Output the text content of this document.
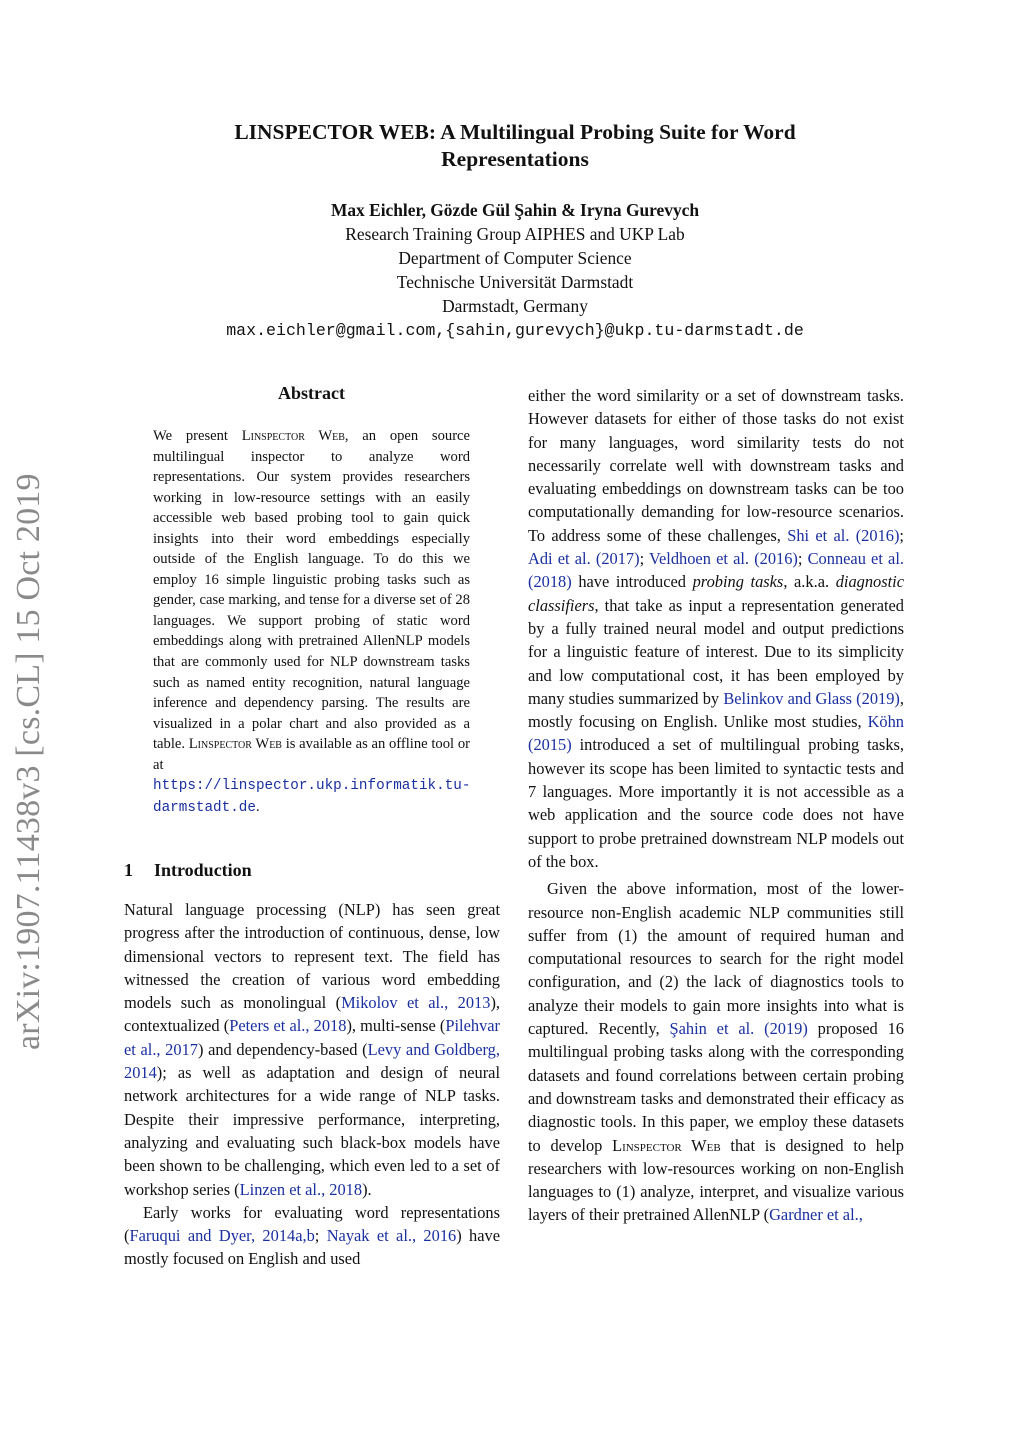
arXiv:1907.11438v3 [cs.CL] 15 Oct 2019
LINSPECTOR WEB: A Multilingual Probing Suite for Word
Representations
Max Eichler, Gözde Gül Şahin & Iryna Gurevych
Research Training Group AIPHES and UKP Lab
Department of Computer Science
Technische Universität Darmstadt
Darmstadt, Germany
max.eichler@gmail.com,{sahin,gurevych}@ukp.tu-darmstadt.de
Abstract
We present Linspector Web, an open source multilingual inspector to analyze word representations. Our system provides researchers working in low-resource settings with an easily accessible web based probing tool to gain quick insights into their word embeddings especially outside of the English language. To do this we employ 16 simple linguistic probing tasks such as gender, case marking, and tense for a diverse set of 28 languages. We support probing of static word embeddings along with pretrained AllenNLP models that are commonly used for NLP downstream tasks such as named entity recognition, natural language inference and dependency parsing. The results are visualized in a polar chart and also provided as a table. Linspector Web is available as an offline tool or at https://linspector.ukp.informatik.tu-darmstadt.de.
1 Introduction

Natural language processing (NLP) has seen great progress after the introduction of continuous, dense, low dimensional vectors to represent text. The field has witnessed the creation of various word embedding models such as monolingual (Mikolov et al., 2013), contextualized (Peters et al., 2018), multi-sense (Pilehvar et al., 2017) and dependency-based (Levy and Goldberg, 2014); as well as adaptation and design of neural network architectures for a wide range of NLP tasks. Despite their impressive performance, interpreting, analyzing and evaluating such black-box models have been shown to be challenging, which even led to a set of workshop series (Linzen et al., 2018).

Early works for evaluating word representations (Faruqui and Dyer, 2014a,b; Nayak et al., 2016) have mostly focused on English and used

either the word similarity or a set of downstream tasks. However datasets for either of those tasks do not exist for many languages, word similarity tests do not necessarily correlate well with downstream tasks and evaluating embeddings on downstream tasks can be too computationally demanding for low-resource scenarios. To address some of these challenges, Shi et al. (2016); Adi et al. (2017); Veldhoen et al. (2016); Conneau et al. (2018) have introduced probing tasks, a.k.a. diagnostic classifiers, that take as input a representation generated by a fully trained neural model and output predictions for a linguistic feature of interest. Due to its simplicity and low computational cost, it has been employed by many studies summarized by Belinkov and Glass (2019), mostly focusing on English. Unlike most studies, Köhn (2015) introduced a set of multilingual probing tasks, however its scope has been limited to syntactic tests and 7 languages. More importantly it is not accessible as a web application and the source code does not have support to probe pretrained downstream NLP models out of the box.

Given the above information, most of the lower-resource non-English academic NLP communities still suffer from (1) the amount of required human and computational resources to search for the right model configuration, and (2) the lack of diagnostics tools to analyze their models to gain more insights into what is captured. Recently, Şahin et al. (2019) proposed 16 multilingual probing tasks along with the corresponding datasets and found correlations between certain probing and downstream tasks and demonstrated their efficacy as diagnostic tools. In this paper, we employ these datasets to develop Linspector Web that is designed to help researchers with low-resources working on non-English languages to (1) analyze, interpret, and visualize various layers of their pretrained AllenNLP (Gardner et al.,
